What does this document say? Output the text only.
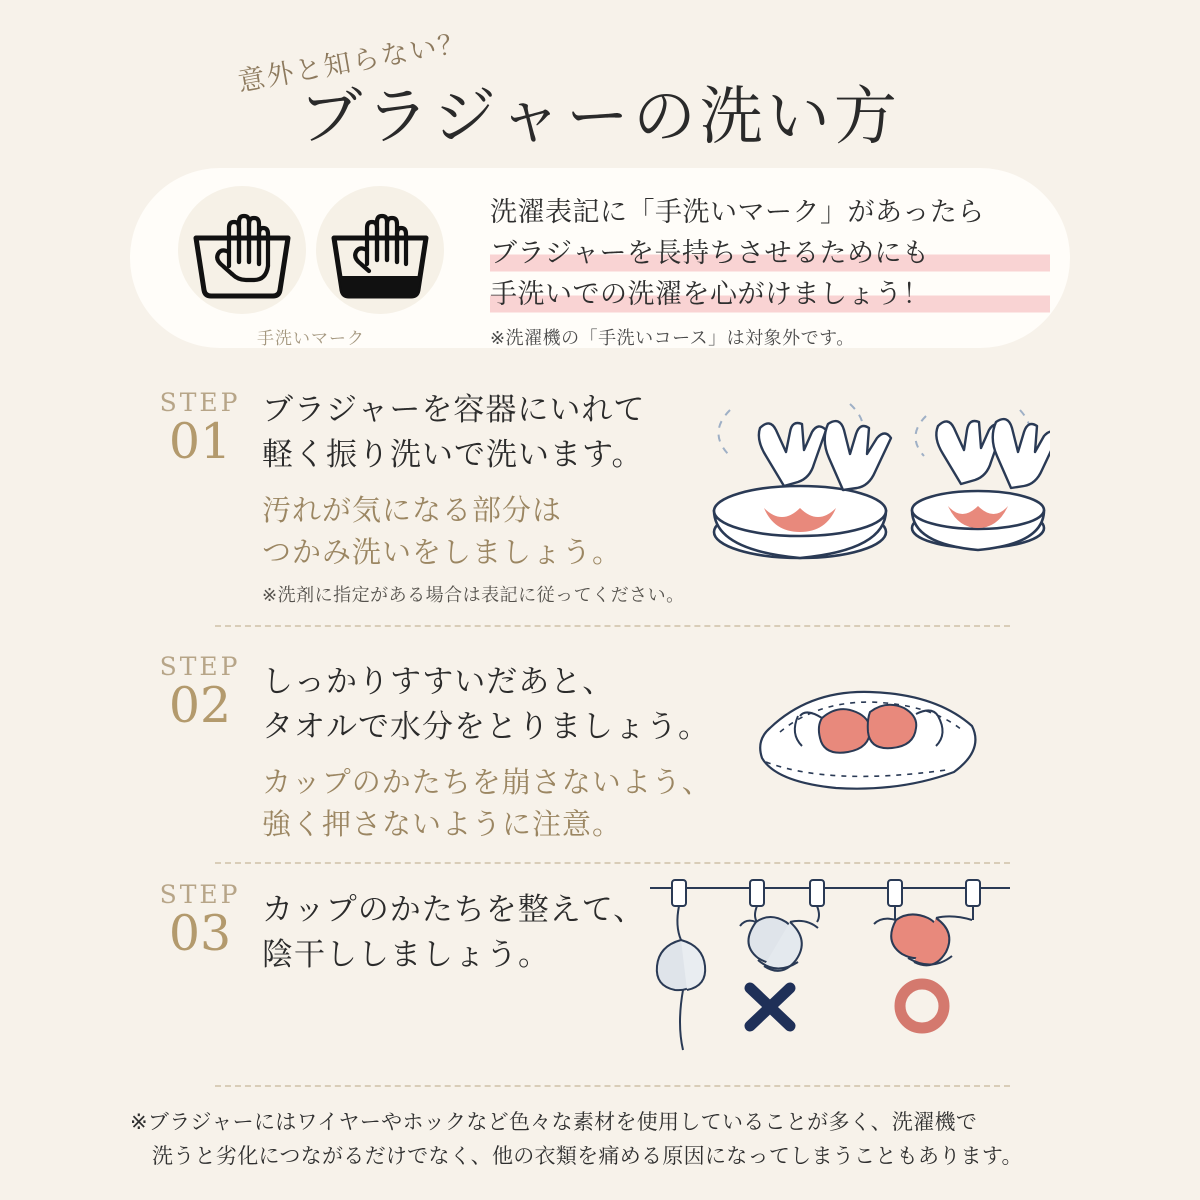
意外と知らない？
ブラジャーの洗い方
手洗いマーク
洗濯表記に「手洗いマーク」があったら
ブラジャーを長持ちさせるためにも
手洗いでの洗濯を心がけましょう！
※洗濯機の「手洗いコース」は対象外です。
STEP
01
ブラジャーを容器にいれて
軽く振り洗いで洗います。
汚れが気になる部分は
つかみ洗いをしましょう。
※洗剤に指定がある場合は表記に従ってください。
STEP
02 しっかりすすいだあと、
タオルで水分をとりましょう。
カップのかたちを崩さないよう、
強く押さないように注意。
STEP
03 カップのかたちを整えて、
陰干ししましょう。

※ブラジャーにはワイヤーやホックなど色々な素材を使用していることが多く、洗濯機で

洗うと劣化につながるだけでなく、他の衣類を痛める原因になってしまうこともあります。
